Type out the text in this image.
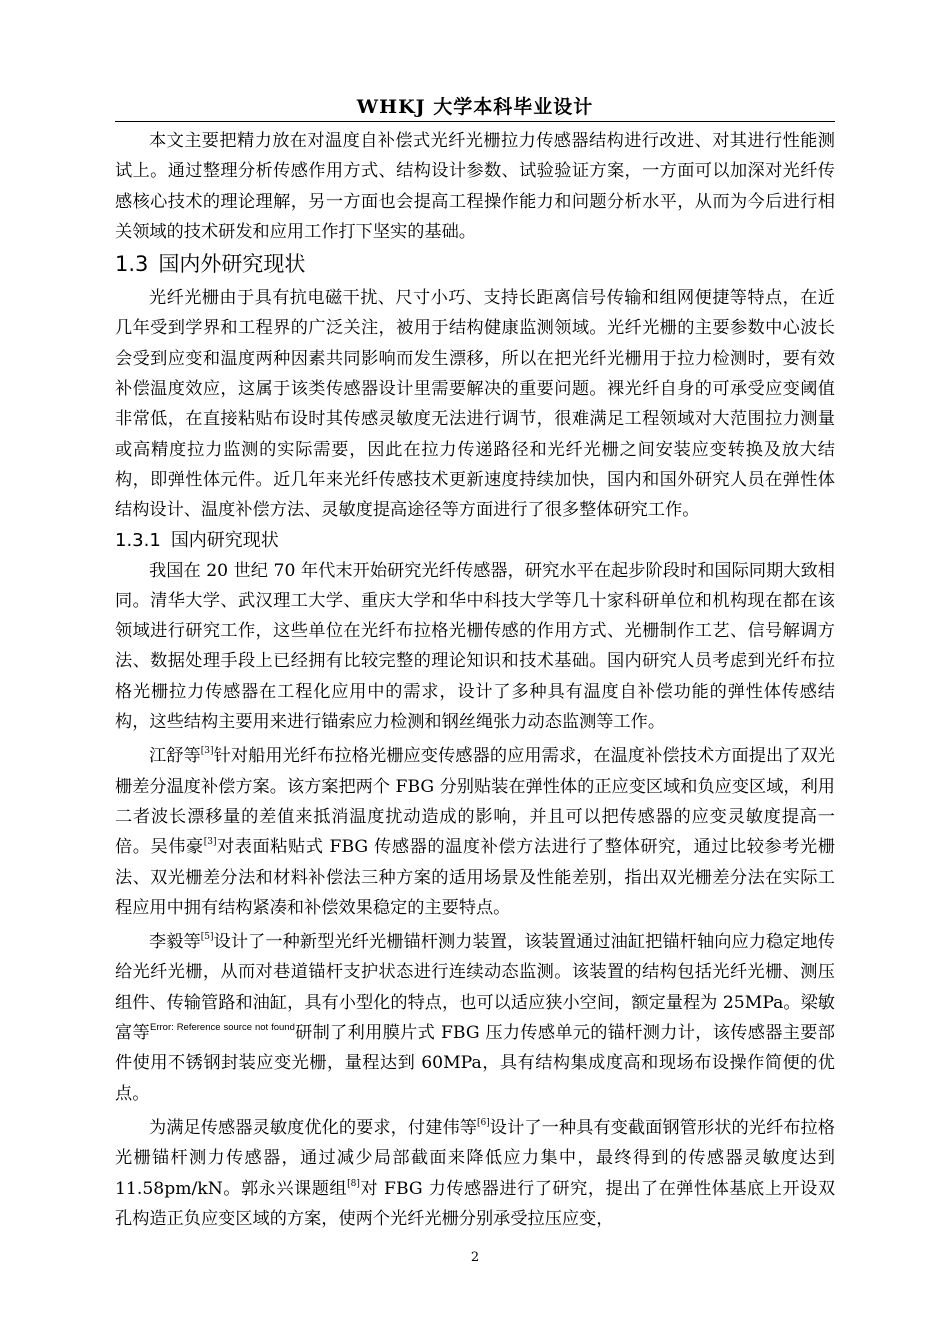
WHKJ 大学本科毕业设计

本文主要把精力放在对温度自补偿式光纤光栅拉力传感器结构进行改进、对其进行性能测试上。通过整理分析传感作用方式、结构设计参数、试验验证方案，一方面可以加深对光纤传感核心技术的理论理解，另一方面也会提高工程操作能力和问题分析水平，从而为今后进行相关领域的技术研发和应用工作打下坚实的基础。

1.3 国内外研究现状

光纤光栅由于具有抗电磁干扰、尺寸小巧、支持长距离信号传输和组网便捷等特点，在近几年受到学界和工程界的广泛关注，被用于结构健康监测领域。光纤光栅的主要参数中心波长会受到应变和温度两种因素共同影响而发生漂移，所以在把光纤光栅用于拉力检测时，要有效补偿温度效应，这属于该类传感器设计里需要解决的重要问题。裸光纤自身的可承受应变阈值非常低，在直接粘贴布设时其传感灵敏度无法进行调节，很难满足工程领域对大范围拉力测量或高精度拉力监测的实际需要，因此在拉力传递路径和光纤光栅之间安装应变转换及放大结构，即弹性体元件。近几年来光纤传感技术更新速度持续加快，国内和国外研究人员在弹性体结构设计、温度补偿方法、灵敏度提高途径等方面进行了很多整体研究工作。

1.3.1 国内研究现状

我国在 20 世纪 70 年代末开始研究光纤传感器，研究水平在起步阶段时和国际同期大致相同。清华大学、武汉理工大学、重庆大学和华中科技大学等几十家科研单位和机构现在都在该领域进行研究工作，这些单位在光纤布拉格光栅传感的作用方式、光栅制作工艺、信号解调方法、数据处理手段上已经拥有比较完整的理论知识和技术基础。国内研究人员考虑到光纤布拉格光栅拉力传感器在工程化应用中的需求，设计了多种具有温度自补偿功能的弹性体传感结构，这些结构主要用来进行锚索应力检测和钢丝绳张力动态监测等工作。

江舒等[3]针对船用光纤布拉格光栅应变传感器的应用需求，在温度补偿技术方面提出了双光栅差分温度补偿方案。该方案把两个 FBG 分别贴装在弹性体的正应变区域和负应变区域，利用二者波长漂移量的差值来抵消温度扰动造成的影响，并且可以把传感器的应变灵敏度提高一倍。吴伟豪[3]对表面粘贴式 FBG 传感器的温度补偿方法进行了整体研究，通过比较参考光栅法、双光栅差分法和材料补偿法三种方案的适用场景及性能差别，指出双光栅差分法在实际工程应用中拥有结构紧凑和补偿效果稳定的主要特点。

李毅等[5]设计了一种新型光纤光栅锚杆测力装置，该装置通过油缸把锚杆轴向应力稳定地传给光纤光栅，从而对巷道锚杆支护状态进行连续动态监测。该装置的结构包括光纤光栅、测压组件、传输管路和油缸，具有小型化的特点，也可以适应狭小空间，额定量程为 25MPa。梁敏富等$^{Error: Reference source not found}$研制了利用膜片式 FBG 压力传感单元的锚杆测力计，该传感器主要部件使用不锈钢封装应变光栅，量程达到 60MPa，具有结构集成度高和现场布设操作简便的优点。

为满足传感器灵敏度优化的要求，付建伟等[6]设计了一种具有变截面钢管形状的光纤布拉格光栅锚杆测力传感器，通过减少局部截面来降低应力集中，最终得到的传感器灵敏度达到 11.58pm/kN。郭永兴课题组[8]对 FBG 力传感器进行了研究，提出了在弹性体基底上开设双孔构造正负应变区域的方案，使两个光纤光栅分别承受拉压应变，

2
